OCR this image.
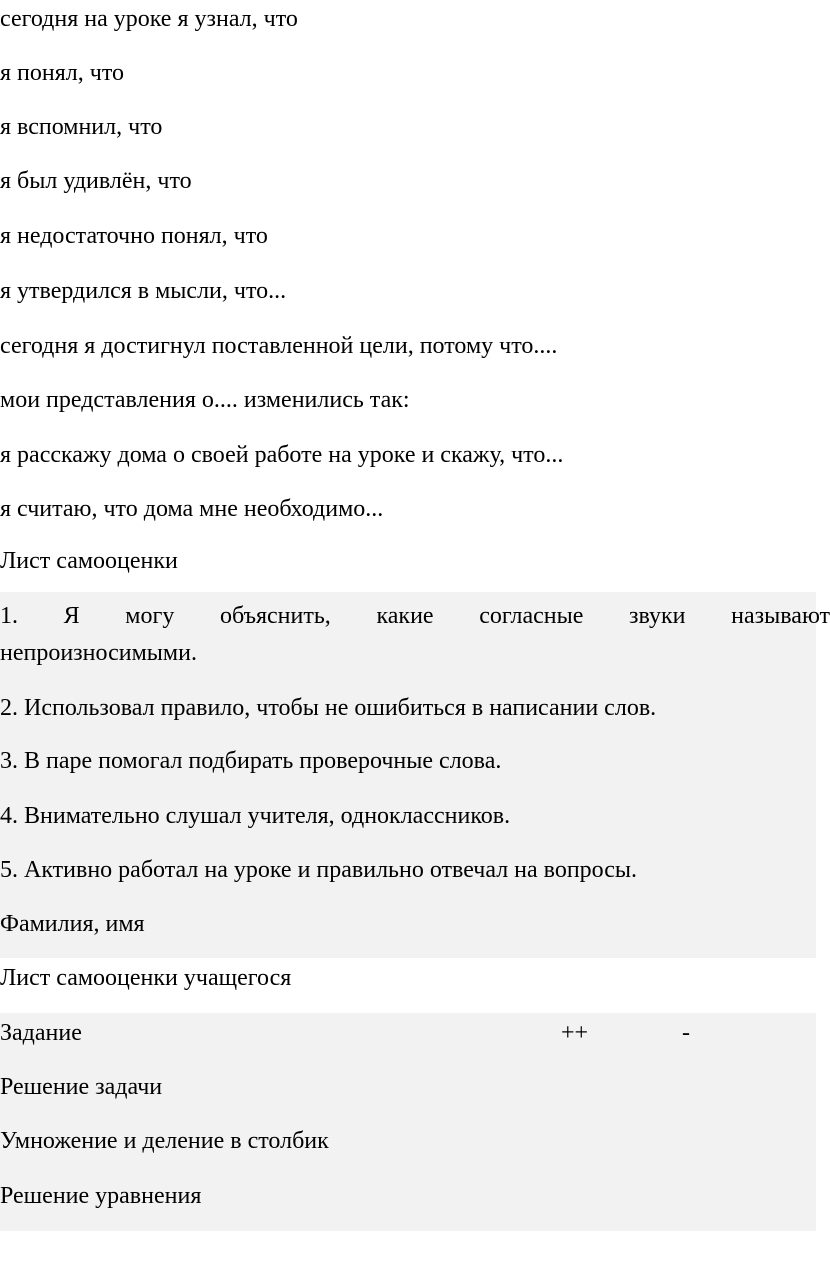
сегодня на уроке я узнал, что
я понял, что
я вспомнил, что
я был удивлён, что
я недостаточно понял, что
я утвердился в мысли, что...
сегодня я достигнул поставленной цели, потому что....
мои представления о.... изменились так:
я расскажу дома о своей работе на уроке и скажу, что...
я считаю, что дома мне необходимо...
Лист самооценки
1. Я могу объяснить, какие согласные звуки называют
непроизносимыми.
2. Использовал правило, чтобы не ошибиться в написании слов.
3. В паре помогал подбирать проверочные слова.
4. Внимательно слушал учителя, одноклассников.
5. Активно работал на уроке и правильно отвечал на вопросы.
Фамилия, имя
Лист самооценки учащегося
Задание	++	-
Решение задачи
Умножение и деление в столбик
Решение уравнения
